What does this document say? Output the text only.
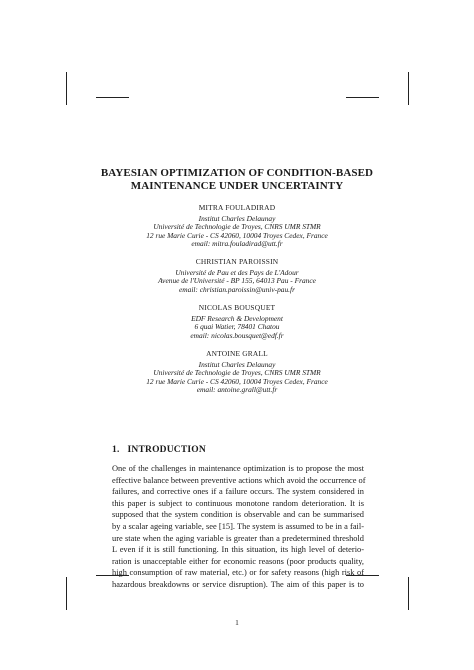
BAYESIAN OPTIMIZATION OF CONDITION-BASED
MAINTENANCE UNDER UNCERTAINTY
MITRA FOULADIRAD
Institut Charles Delaunay
Université de Technologie de Troyes, CNRS UMR STMR
12 rue Marie Curie - CS 42060, 10004 Troyes Cedex, France
email: mitra.fouladirad@utt.fr
CHRISTIAN PAROISSIN
Université de Pau et des Pays de L'Adour
Avenue de l'Université - BP 155, 64013 Pau - France
email: christian.paroissin@univ-pau.fr
NICOLAS BOUSQUET
EDF Research & Development
6 quai Watier, 78401 Chatou
email: nicolas.bousquet@edf.fr
ANTOINE GRALL
Institut Charles Delaunay
Université de Technologie de Troyes, CNRS UMR STMR
12 rue Marie Curie - CS 42060, 10004 Troyes Cedex, France
email: antoine.grall@utt.fr
1. INTRODUCTION
One of the challenges in maintenance optimization is to propose the most
effective balance between preventive actions which avoid the occurrence of
failures, and corrective ones if a failure occurs. The system considered in
this paper is subject to continuous monotone random deterioration. It is
supposed that the system condition is observable and can be summarised
by a scalar ageing variable, see [15]. The system is assumed to be in a fail-
ure state when the aging variable is greater than a predetermined threshold
L even if it is still functioning. In this situation, its high level of deterio-
ration is unacceptable either for economic reasons (poor products quality,
high consumption of raw material, etc.) or for safety reasons (high risk of
hazardous breakdowns or service disruption). The aim of this paper is to
1
